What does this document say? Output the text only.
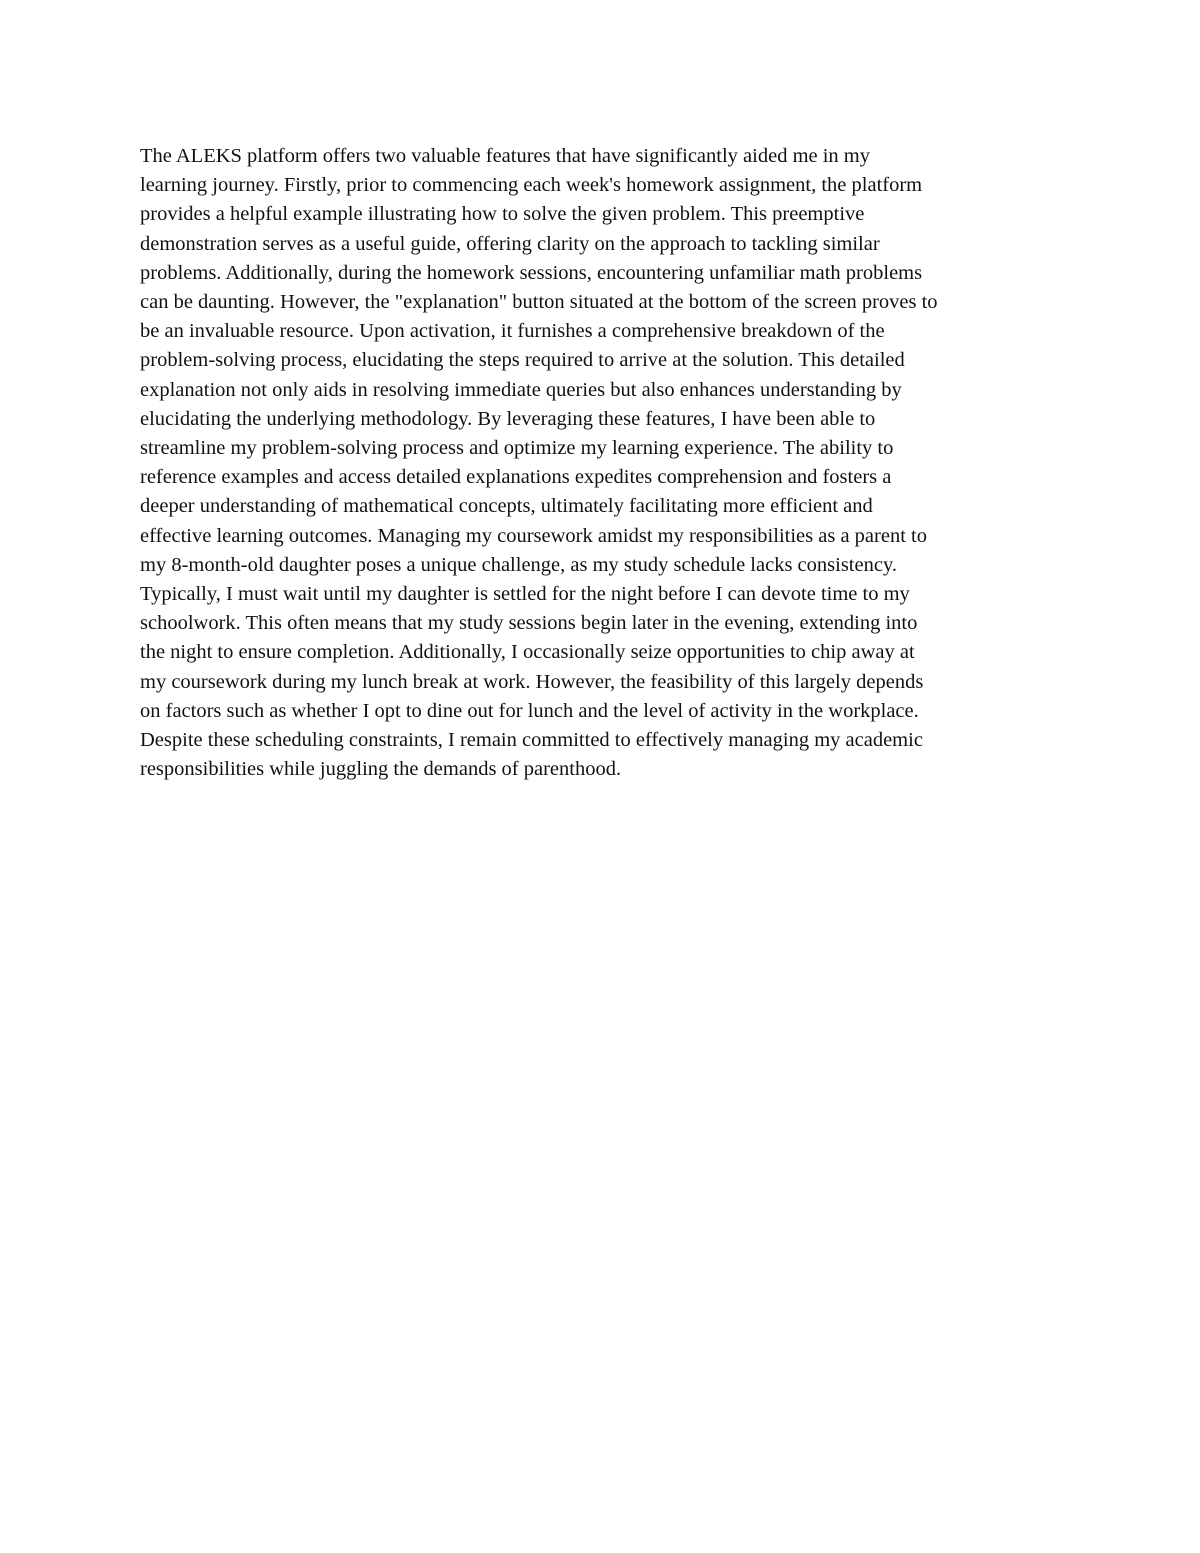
The ALEKS platform offers two valuable features that have significantly aided me in my
learning journey. Firstly, prior to commencing each week's homework assignment, the platform
provides a helpful example illustrating how to solve the given problem. This preemptive
demonstration serves as a useful guide, offering clarity on the approach to tackling similar
problems. Additionally, during the homework sessions, encountering unfamiliar math problems
can be daunting. However, the "explanation" button situated at the bottom of the screen proves to
be an invaluable resource. Upon activation, it furnishes a comprehensive breakdown of the
problem-solving process, elucidating the steps required to arrive at the solution. This detailed
explanation not only aids in resolving immediate queries but also enhances understanding by
elucidating the underlying methodology. By leveraging these features, I have been able to
streamline my problem-solving process and optimize my learning experience. The ability to
reference examples and access detailed explanations expedites comprehension and fosters a
deeper understanding of mathematical concepts, ultimately facilitating more efficient and
effective learning outcomes. Managing my coursework amidst my responsibilities as a parent to
my 8-month-old daughter poses a unique challenge, as my study schedule lacks consistency.
Typically, I must wait until my daughter is settled for the night before I can devote time to my
schoolwork. This often means that my study sessions begin later in the evening, extending into
the night to ensure completion. Additionally, I occasionally seize opportunities to chip away at
my coursework during my lunch break at work. However, the feasibility of this largely depends
on factors such as whether I opt to dine out for lunch and the level of activity in the workplace.
Despite these scheduling constraints, I remain committed to effectively managing my academic
responsibilities while juggling the demands of parenthood.
